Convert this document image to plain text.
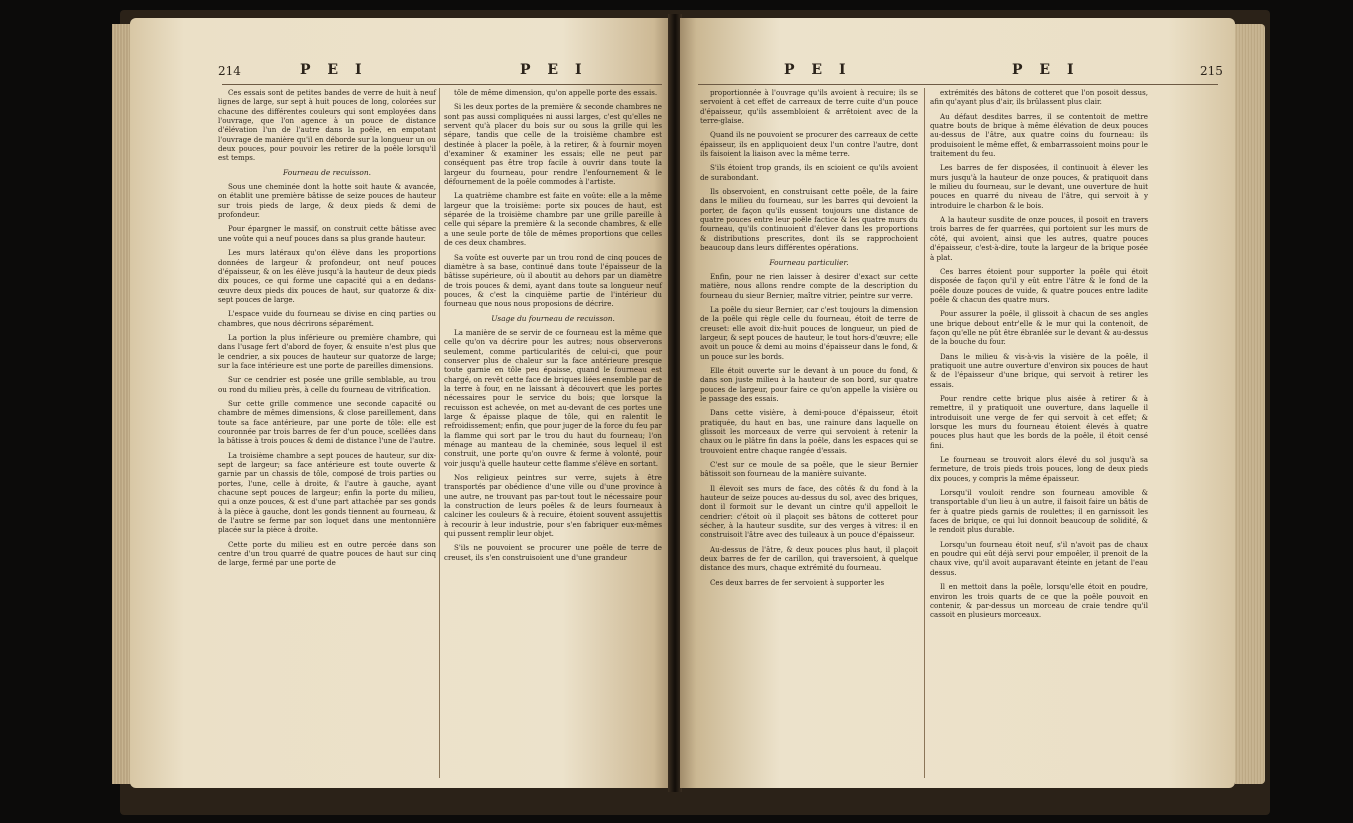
214	P E I	P E I

Ces essais sont de petites bandes de verre de huit à neuf lignes de large, sur sept à huit pouces de long, colorées sur chacune des différentes couleurs qui sont employées dans l'ouvrage, que l'on agence à un pouce de distance d'élévation l'un de l'autre dans la poêle, en empotant l'ouvrage de manière qu'il en déborde sur la longueur un ou deux pouces, pour pouvoir les retirer de la poêle lorsqu'il est temps.

Fourneau de recuisson.

Sous une cheminée dont la hotte soit haute & avancée, on établit une première bâtisse de seize pouces de hauteur sur trois pieds de large, & deux pieds & demi de profondeur.

Pour épargner le massif, on construit cette bâtisse avec une voûte qui a neuf pouces dans sa plus grande hauteur.

Les murs latéraux qu'on élève dans les proportions données de largeur & profondeur, ont neuf pouces d'épaisseur, & on les élève jusqu'à la hauteur de deux pieds dix pouces, ce qui forme une capacité qui a en dedans-œuvre deux pieds dix pouces de haut, sur quatorze & dix-sept pouces de large.

L'espace vuide du fourneau se divise en cinq parties ou chambres, que nous décrirons séparément.

La portion la plus inférieure ou première chambre, qui dans l'usage fert d'abord de foyer, & ensuite n'est plus que le cendrier, a six pouces de hauteur sur quatorze de large; sur la face intérieure est une porte de pareilles dimensions.

Sur ce cendrier est posée une grille semblable, au trou ou rond du milieu près, à celle du fourneau de vitrification.

Sur cette grille commence une seconde capacité ou chambre de mêmes dimensions, & close pareillement, dans toute sa face antérieure, par une porte de tôle: elle est couronnée par trois barres de fer d'un pouce, scellées dans la bâtisse à trois pouces & demi de distance l'une de l'autre.

La troisième chambre a sept pouces de hauteur, sur dix-sept de largeur; sa face antérieure est toute ouverte & garnie par un chassis de tôle, composé de trois parties ou portes, l'une, celle à droite, & l'autre à gauche, ayant chacune sept pouces de largeur; enfin la porte du milieu, qui a onze pouces, & est d'une part attachée par ses gonds à la pièce à gauche, dont les gonds tiennent au fourneau, & de l'autre se ferme par son loquet dans une mentonnière placée sur la pièce à droite.

Cette porte du milieu est en outre percée dans son centre d'un trou quarré de quatre pouces de haut sur cinq de large, fermé par une porte de

tôle de même dimension, qu'on appelle porte des essais.

Si les deux portes de la première & seconde chambres ne sont pas aussi compliquées ni aussi larges, c'est qu'elles ne servent qu'à placer du bois sur ou sous la grille qui les sépare, tandis que celle de la troisième chambre est destinée à placer la poêle, à la retirer, & à fournir moyen d'examiner & examiner les essais; elle ne peut par conséquent pas être trop facile à ouvrir dans toute la largeur du fourneau, pour rendre l'enfournement & le défournement de la poêle commodes à l'artiste.

La quatrième chambre est faite en voûte: elle a la même largeur que la troisième: porte six pouces de haut, est séparée de la troisième chambre par une grille pareille à celle qui sépare la première & la seconde chambres, & elle a une seule porte de tôle de mêmes proportions que celles de ces deux chambres.

Sa voûte est ouverte par un trou rond de cinq pouces de diamètre à sa base, continué dans toute l'épaisseur de la bâtisse supérieure, où il aboutit au dehors par un diamètre de trois pouces & demi, ayant dans toute sa longueur neuf pouces, & c'est la cinquième partie de l'intérieur du fourneau que nous nous proposions de décrire.

Usage du fourneau de recuisson.

La manière de se servir de ce fourneau est la même que celle qu'on va décrire pour les autres; nous observerons seulement, comme particularités de celui-ci, que pour conserver plus de chaleur sur la face antérieure presque toute garnie en tôle peu épaisse, quand le fourneau est chargé, on revêt cette face de briques liées ensemble par de la terre à four, en ne laissant à découvert que les portes nécessaires pour le service du bois; que lorsque la recuisson est achevée, on met au-devant de ces portes une large & épaisse plaque de tôle, qui en ralentit le refroidissement; enfin, que pour juger de la force du feu par la flamme qui sort par le trou du haut du fourneau; l'on ménage au manteau de la cheminée, sous lequel il est construit, une porte qu'on ouvre & ferme à volonté, pour voir jusqu'à quelle hauteur cette flamme s'élève en sortant.

Nos religieux peintres sur verre, sujets à être transportés par obédience d'une ville ou d'une province à une autre, ne trouvant pas par-tout tout le nécessaire pour la construction de leurs poêles & de leurs fourneaux à calciner les couleurs & à recuire, étoient souvent assujettis à recourir à leur industrie, pour s'en fabriquer eux-mêmes qui pussent remplir leur objet.

S'ils ne pouvoient se procurer une poêle de terre de creuset, ils s'en construisoient une d'une grandeur

P E I	P E I	215

proportionnée à l'ouvrage qu'ils avoient à recuire; ils se servoient à cet effet de carreaux de terre cuite d'un pouce d'épaisseur, qu'ils assembloient & arrêtoient avec de la terre-glaise.

Quand ils ne pouvoient se procurer des carreaux de cette épaisseur, ils en appliquoient deux l'un contre l'autre, dont ils faisoient la liaison avec la même terre.

S'ils étoient trop grands, ils en scioient ce qu'ils avoient de surabondant.

Ils observoient, en construisant cette poêle, de la faire dans le milieu du fourneau, sur les barres qui devoient la porter, de façon qu'ils eussent toujours une distance de quatre pouces entre leur poêle factice & les quatre murs du fourneau, qu'ils continuoient d'élever dans les proportions & distributions prescrites, dont ils se rapprochoient beaucoup dans leurs différentes opérations.

Fourneau particulier.

Enfin, pour ne rien laisser à desirer d'exact sur cette matière, nous allons rendre compte de la description du fourneau du sieur Bernier, maître vitrier, peintre sur verre.

La poêle du sieur Bernier, car c'est toujours la dimension de la poêle qui règle celle du fourneau, étoit de terre de creuset: elle avoit dix-huit pouces de longueur, un pied de largeur, & sept pouces de hauteur, le tout hors-d'œuvre; elle avoit un pouce & demi au moins d'épaisseur dans le fond, & un pouce sur les bords.

Elle étoit ouverte sur le devant à un pouce du fond, & dans son juste milieu à la hauteur de son bord, sur quatre pouces de largeur, pour faire ce qu'on appelle la visière ou le passage des essais.

Dans cette visière, à demi-pouce d'épaisseur, étoit pratiquée, du haut en bas, une rainure dans laquelle on glissoit les morceaux de verre qui servoient à retenir la chaux ou le plâtre fin dans la poêle, dans les espaces qui se trouvoient entre chaque rangée d'essais.

C'est sur ce moule de sa poêle, que le sieur Bernier bâtissoit son fourneau de la manière suivante.

Il élevoit ses murs de face, des côtés & du fond à la hauteur de seize pouces au-dessus du sol, avec des briques, dont il formoit sur le devant un cintre qu'il appelloit le cendrier: c'étoit où il plaçoit ses bâtons de cotteret pour sécher, à la hauteur susdite, sur des verges à vitres: il en construisoit l'âtre avec des tuileaux à un pouce d'épaisseur.

Au-dessus de l'âtre, & deux pouces plus haut, il plaçoit deux barres de fer de carillon, qui traversoient, à quelque distance des murs, chaque extrémité du fourneau.

Ces deux barres de fer servoient à supporter les

extrémités des bâtons de cotteret que l'on posoit dessus, afin qu'ayant plus d'air, ils brûlassent plus clair.

Au défaut desdites barres, il se contentoit de mettre quatre bouts de brique à même élévation de deux pouces au-dessus de l'âtre, aux quatre coins du fourneau: ils produisoient le même effet, & embarrassoient moins pour le traitement du feu.

Les barres de fer disposées, il continuoit à élever les murs jusqu'à la hauteur de onze pouces, & pratiquoit dans le milieu du fourneau, sur le devant, une ouverture de huit pouces en quarré du niveau de l'âtre, qui servoit à y introduire le charbon & le bois.

A la hauteur susdite de onze pouces, il posoit en travers trois barres de fer quarrées, qui portoient sur les murs de côté, qui avoient, ainsi que les autres, quatre pouces d'épaisseur, c'est-à-dire, toute la largeur de la brique posée à plat.

Ces barres étoient pour supporter la poêle qui étoit disposée de façon qu'il y eût entre l'âtre & le fond de la poêle douze pouces de vuide, & quatre pouces entre ladite poêle & chacun des quatre murs.

Pour assurer la poêle, il glissoit à chacun de ses angles une brique debout entr'elle & le mur qui la contenoit, de façon qu'elle ne pût être ébranlée sur le devant & au-dessus de la bouche du four.

Dans le milieu & vis-à-vis la visière de la poêle, il pratiquoit une autre ouverture d'environ six pouces de haut & de l'épaisseur d'une brique, qui servoit à retirer les essais.

Pour rendre cette brique plus aisée à retirer & à remettre, il y pratiquoit une ouverture, dans laquelle il introduisoit une verge de fer qui servoit à cet effet; & lorsque les murs du fourneau étoient élevés à quatre pouces plus haut que les bords de la poêle, il étoit censé fini.

Le fourneau se trouvoit alors élevé du sol jusqu'à sa fermeture, de trois pieds trois pouces, long de deux pieds dix pouces, y compris la même épaisseur.

Lorsqu'il vouloit rendre son fourneau amovible & transportable d'un lieu à un autre, il faisoit faire un bâtis de fer à quatre pieds garnis de roulettes; il en garnissoit les faces de brique, ce qui lui donnoit beaucoup de solidité, & le rendoit plus durable.

Lorsqu'un fourneau étoit neuf, s'il n'avoit pas de chaux en poudre qui eût déjà servi pour empoêler, il prenoit de la chaux vive, qu'il avoit auparavant éteinte en jetant de l'eau dessus.

Il en mettoit dans la poêle, lorsqu'elle étoit en poudre, environ les trois quarts de ce que la poêle pouvoit en contenir, & par-dessus un morceau de craie tendre qu'il cassoit en plusieurs morceaux.
